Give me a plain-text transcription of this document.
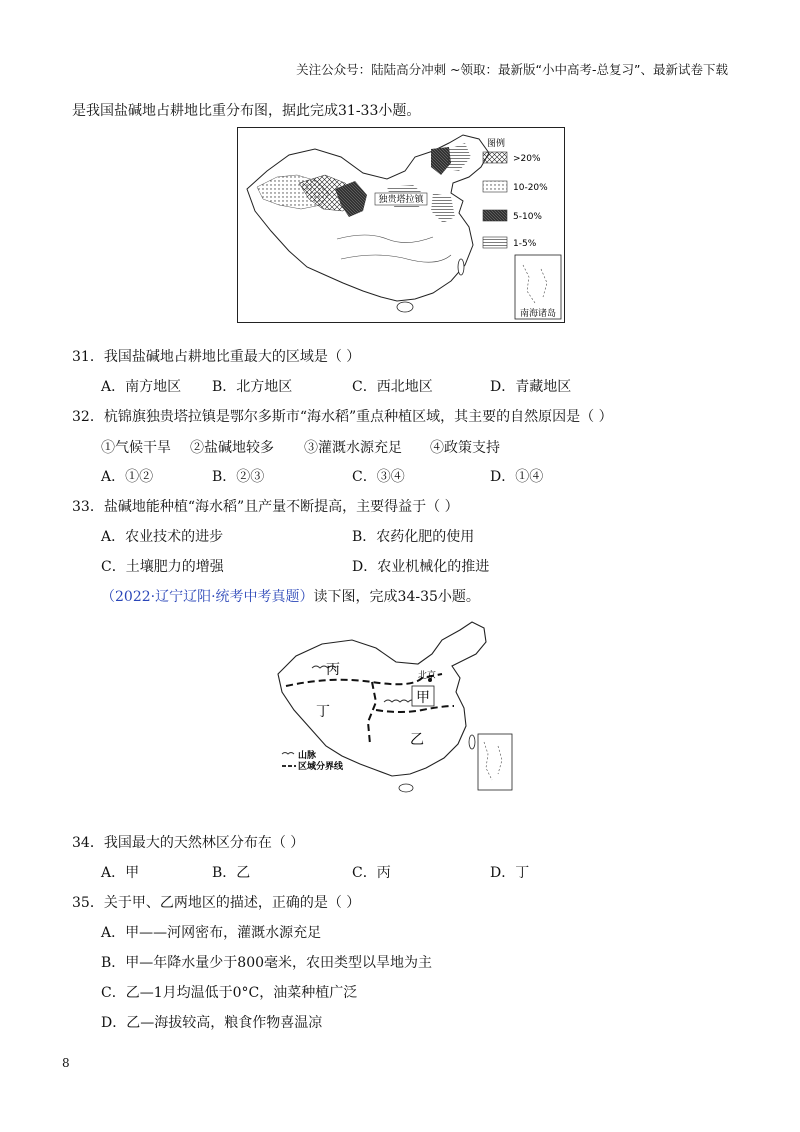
关注公众号：陆陆高分冲刺 ~领取：最新版“小中高考-总复习”、最新试卷下载
是我国盐碱地占耕地比重分布图，据此完成31-33小题。
独贵塔拉镇
图例
>20%
10-20%
5-10%
1-5%
南海诸岛
31．我国盐碱地占耕地比重最大的区域是（ ）
A．南方地区 B．北方地区	C．西北地区	D．青藏地区
32．杭锦旗独贵塔拉镇是鄂尔多斯市“海水稻”重点种植区域，其主要的自然原因是（ ）
①气候干旱 ②盐碱地较多 ③灌溉水源充足 ④政策支持
A．①②	B．②③	C．③④	D．①④
33．盐碱地能种植“海水稻”且产量不断提高，主要得益于（ ）
A．农业技术的进步	B．农药化肥的使用
C．土壤肥力的增强	D．农业机械化的推进
（2022·辽宁辽阳·统考中考真题）读下图，完成34-35小题。
丙
丁
甲
乙
北京
山脉
区域分界线
34．我国最大的天然林区分布在（ ）
A．甲	B．乙	C．丙	D．丁
35．关于甲、乙两地区的描述，正确的是（ ）
A．甲——河网密布，灌溉水源充足
B．甲—年降水量少于800毫米，农田类型以旱地为主
C．乙—1月均温低于0°C，油菜种植广泛
D．乙—海拔较高，粮食作物喜温凉
8
